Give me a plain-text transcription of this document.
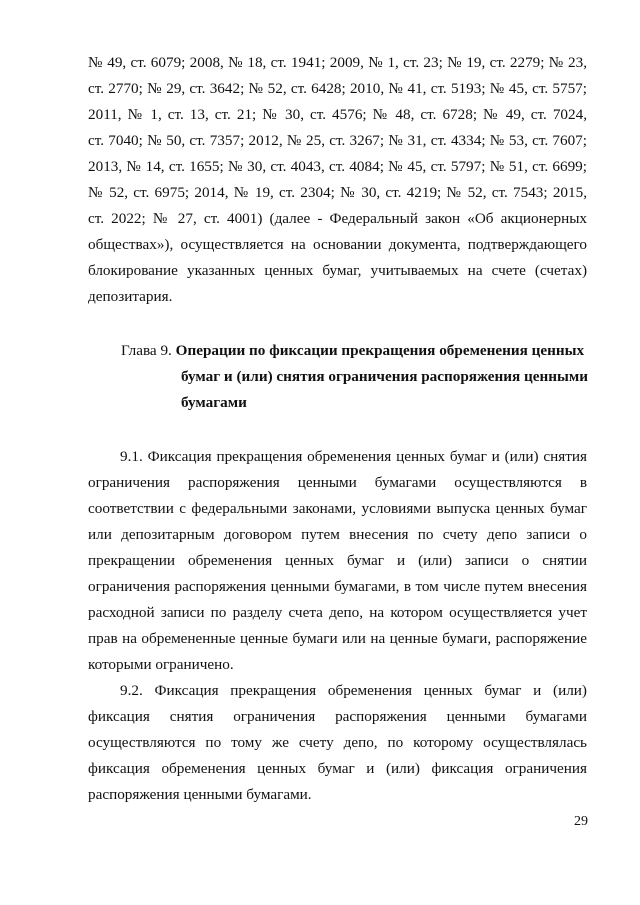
№ 49, ст. 6079; 2008, № 18, ст. 1941; 2009, № 1, ст. 23; № 19, ст. 2279; № 23,
ст. 2770; № 29, ст. 3642; № 52, ст. 6428; 2010, № 41, ст. 5193; № 45, ст. 5757;
2011, № 1, ст. 13, ст. 21; № 30, ст. 4576; № 48, ст. 6728; № 49, ст. 7024,
ст. 7040; № 50, ст. 7357; 2012, № 25, ст. 3267; № 31, ст. 4334; № 53, ст. 7607;
2013, № 14, ст. 1655; № 30, ст. 4043, ст. 4084; № 45, ст. 5797; № 51, ст. 6699;
№ 52, ст. 6975; 2014, № 19, ст. 2304; № 30, ст. 4219; № 52, ст. 7543; 2015,
ст. 2022; № 27, ст. 4001) (далее - Федеральный закон «Об акционерных
обществах»), осуществляется на основании документа, подтверждающего
блокирование указанных ценных бумаг, учитываемых на счете (счетах)
депозитария.
Глава 9. Операции по фиксации прекращения обременения ценных
бумаг и (или) снятия ограничения распоряжения ценными
бумагами
9.1. Фиксация прекращения обременения ценных бумаг и (или) снятия
ограничения распоряжения ценными бумагами осуществляются в
соответствии с федеральными законами, условиями выпуска ценных бумаг
или депозитарным договором путем внесения по счету депо записи о
прекращении обременения ценных бумаг и (или) записи о снятии
ограничения распоряжения ценными бумагами, в том числе путем внесения
расходной записи по разделу счета депо, на котором осуществляется учет
прав на обремененные ценные бумаги или на ценные бумаги, распоряжение
которыми ограничено.
9.2. Фиксация прекращения обременения ценных бумаг и (или)
фиксация снятия ограничения распоряжения ценными бумагами
осуществляются по тому же счету депо, по которому осуществлялась
фиксация обременения ценных бумаг и (или) фиксация ограничения
распоряжения ценными бумагами.
29
